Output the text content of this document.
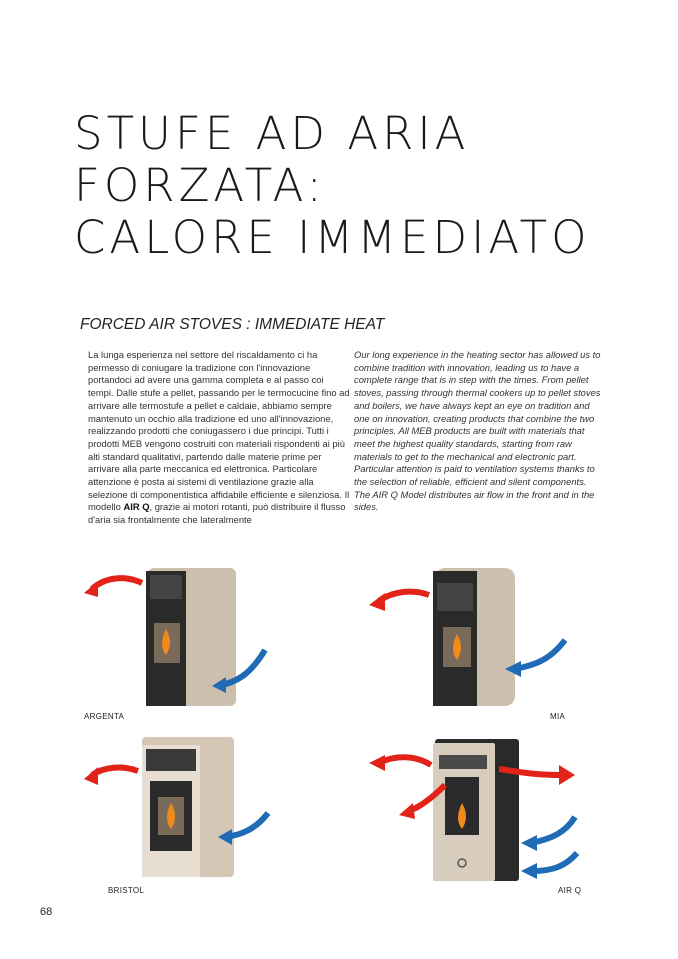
STUFE AD ARIA
FORZATA:
CALORE IMMEDIATO
FORCED AIR STOVES : IMMEDIATE HEAT
La lunga esperienza nel settore del riscaldamento ci ha permesso di coniugare la tradizione con l'innovazione portandoci ad avere una gamma completa e al passo coi tempi. Dalle stufe a pellet, passando per le termocucine fino ad arrivare alle termostufe a pellet e caldaie, abbiamo sempre mantenuto un occhio alla tradizione ed uno all'innovazione, realizzando prodotti che coniugassero i due principi. Tutti i prodotti MEB vengono costruiti con materiali rispondenti ai più alti standard qualitativi, partendo dalle materie prime per arrivare alla parte meccanica ed elettronica. Particolare attenzione è posta ai sistemi di ventilazione grazie alla selezione di componentistica affidabile efficiente e silenziosa. Il modello AIR Q, grazie ai motori rotanti, può distribuire il flusso d'aria sia frontalmente che lateralmente
Our long experience in the heating sector has allowed us to combine tradition with innovation, leading us to have a complete range that is in step with the times. From pellet stoves, passing through thermal cookers up to pellet stoves and boilers, we have always kept an eye on tradition and one on innovation, creating products that combine the two principles. All MEB products are built with materials that meet the highest quality standards, starting from raw materials to get to the mechanical and electronic part. Particular attention is paid to ventilation systems thanks to the selection of reliable, efficient and silent components. The AIR Q Model distributes air flow in the front and in the sides.
ARGENTA	MIA
BRISTOL	AIR Q
68
